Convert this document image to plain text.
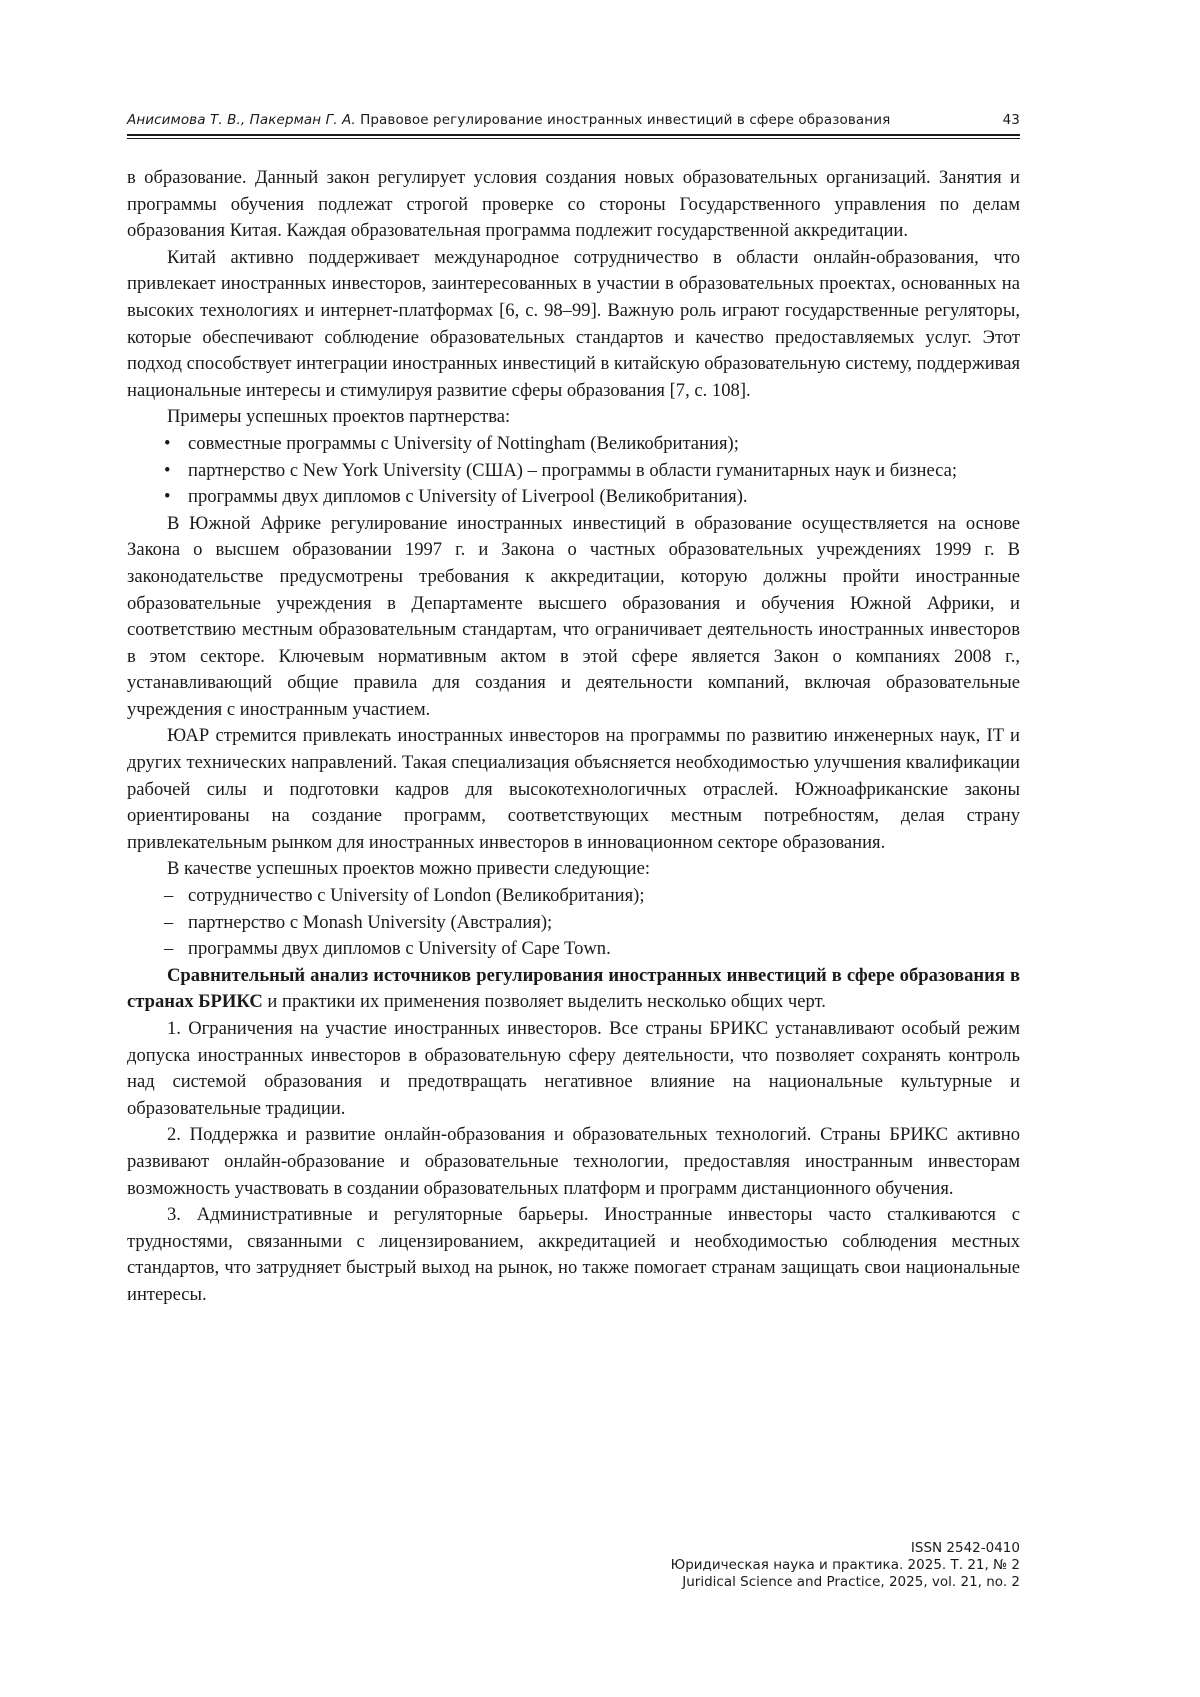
Анисимова Т. В., Пакерман Г. А. Правовое регулирование иностранных инвестиций в сфере образования	43

в образование. Данный закон регулирует условия создания новых образовательных организаций. Занятия и программы обучения подлежат строгой проверке со стороны Государственного управления по делам образования Китая. Каждая образовательная программа подлежит государственной аккредитации.

Китай активно поддерживает международное сотрудничество в области онлайн-образования, что привлекает иностранных инвесторов, заинтересованных в участии в образовательных проектах, основанных на высоких технологиях и интернет-платформах [6, с. 98–99]. Важную роль играют государственные регуляторы, которые обеспечивают соблюдение образовательных стандартов и качество предоставляемых услуг. Этот подход способствует интеграции иностранных инвестиций в китайскую образовательную систему, поддерживая национальные интересы и стимулируя развитие сферы образования [7, с. 108].

Примеры успешных проектов партнерства:

• совместные программы с University of Nottingham (Великобритания);
• партнерство с New York University (США) – программы в области гуманитарных наук и бизнеса;
• программы двух дипломов с University of Liverpool (Великобритания).

В Южной Африке регулирование иностранных инвестиций в образование осуществляется на основе Закона о высшем образовании 1997 г. и Закона о частных образовательных учреждениях 1999 г. В законодательстве предусмотрены требования к аккредитации, которую должны пройти иностранные образовательные учреждения в Департаменте высшего образования и обучения Южной Африки, и соответствию местным образовательным стандартам, что ограничивает деятельность иностранных инвесторов в этом секторе. Ключевым нормативным актом в этой сфере является Закон о компаниях 2008 г., устанавливающий общие правила для создания и деятельности компаний, включая образовательные учреждения с иностранным участием.

ЮАР стремится привлекать иностранных инвесторов на программы по развитию инженерных наук, IT и других технических направлений. Такая специализация объясняется необходимостью улучшения квалификации рабочей силы и подготовки кадров для высокотехнологичных отраслей. Южноафриканские законы ориентированы на создание программ, соответствующих местным потребностям, делая страну привлекательным рынком для иностранных инвесторов в инновационном секторе образования.

В качестве успешных проектов можно привести следующие:

– сотрудничество с University of London (Великобритания);
– партнерство с Monash University (Австралия);
– программы двух дипломов с University of Cape Town.

Сравнительный анализ источников регулирования иностранных инвестиций в сфере образования в странах БРИКС и практики их применения позволяет выделить несколько общих черт.

1. Ограничения на участие иностранных инвесторов. Все страны БРИКС устанавливают особый режим допуска иностранных инвесторов в образовательную сферу деятельности, что позволяет сохранять контроль над системой образования и предотвращать негативное влияние на национальные культурные и образовательные традиции.

2. Поддержка и развитие онлайн-образования и образовательных технологий. Страны БРИКС активно развивают онлайн-образование и образовательные технологии, предоставляя иностранным инвесторам возможность участвовать в создании образовательных платформ и программ дистанционного обучения.

3. Административные и регуляторные барьеры. Иностранные инвесторы часто сталкиваются с трудностями, связанными с лицензированием, аккредитацией и необходимостью соблюдения местных стандартов, что затрудняет быстрый выход на рынок, но также помогает странам защищать свои национальные интересы.

ISSN 2542-0410
Юридическая наука и практика. 2025. Т. 21, № 2
Juridical Science and Practice, 2025, vol. 21, no. 2
